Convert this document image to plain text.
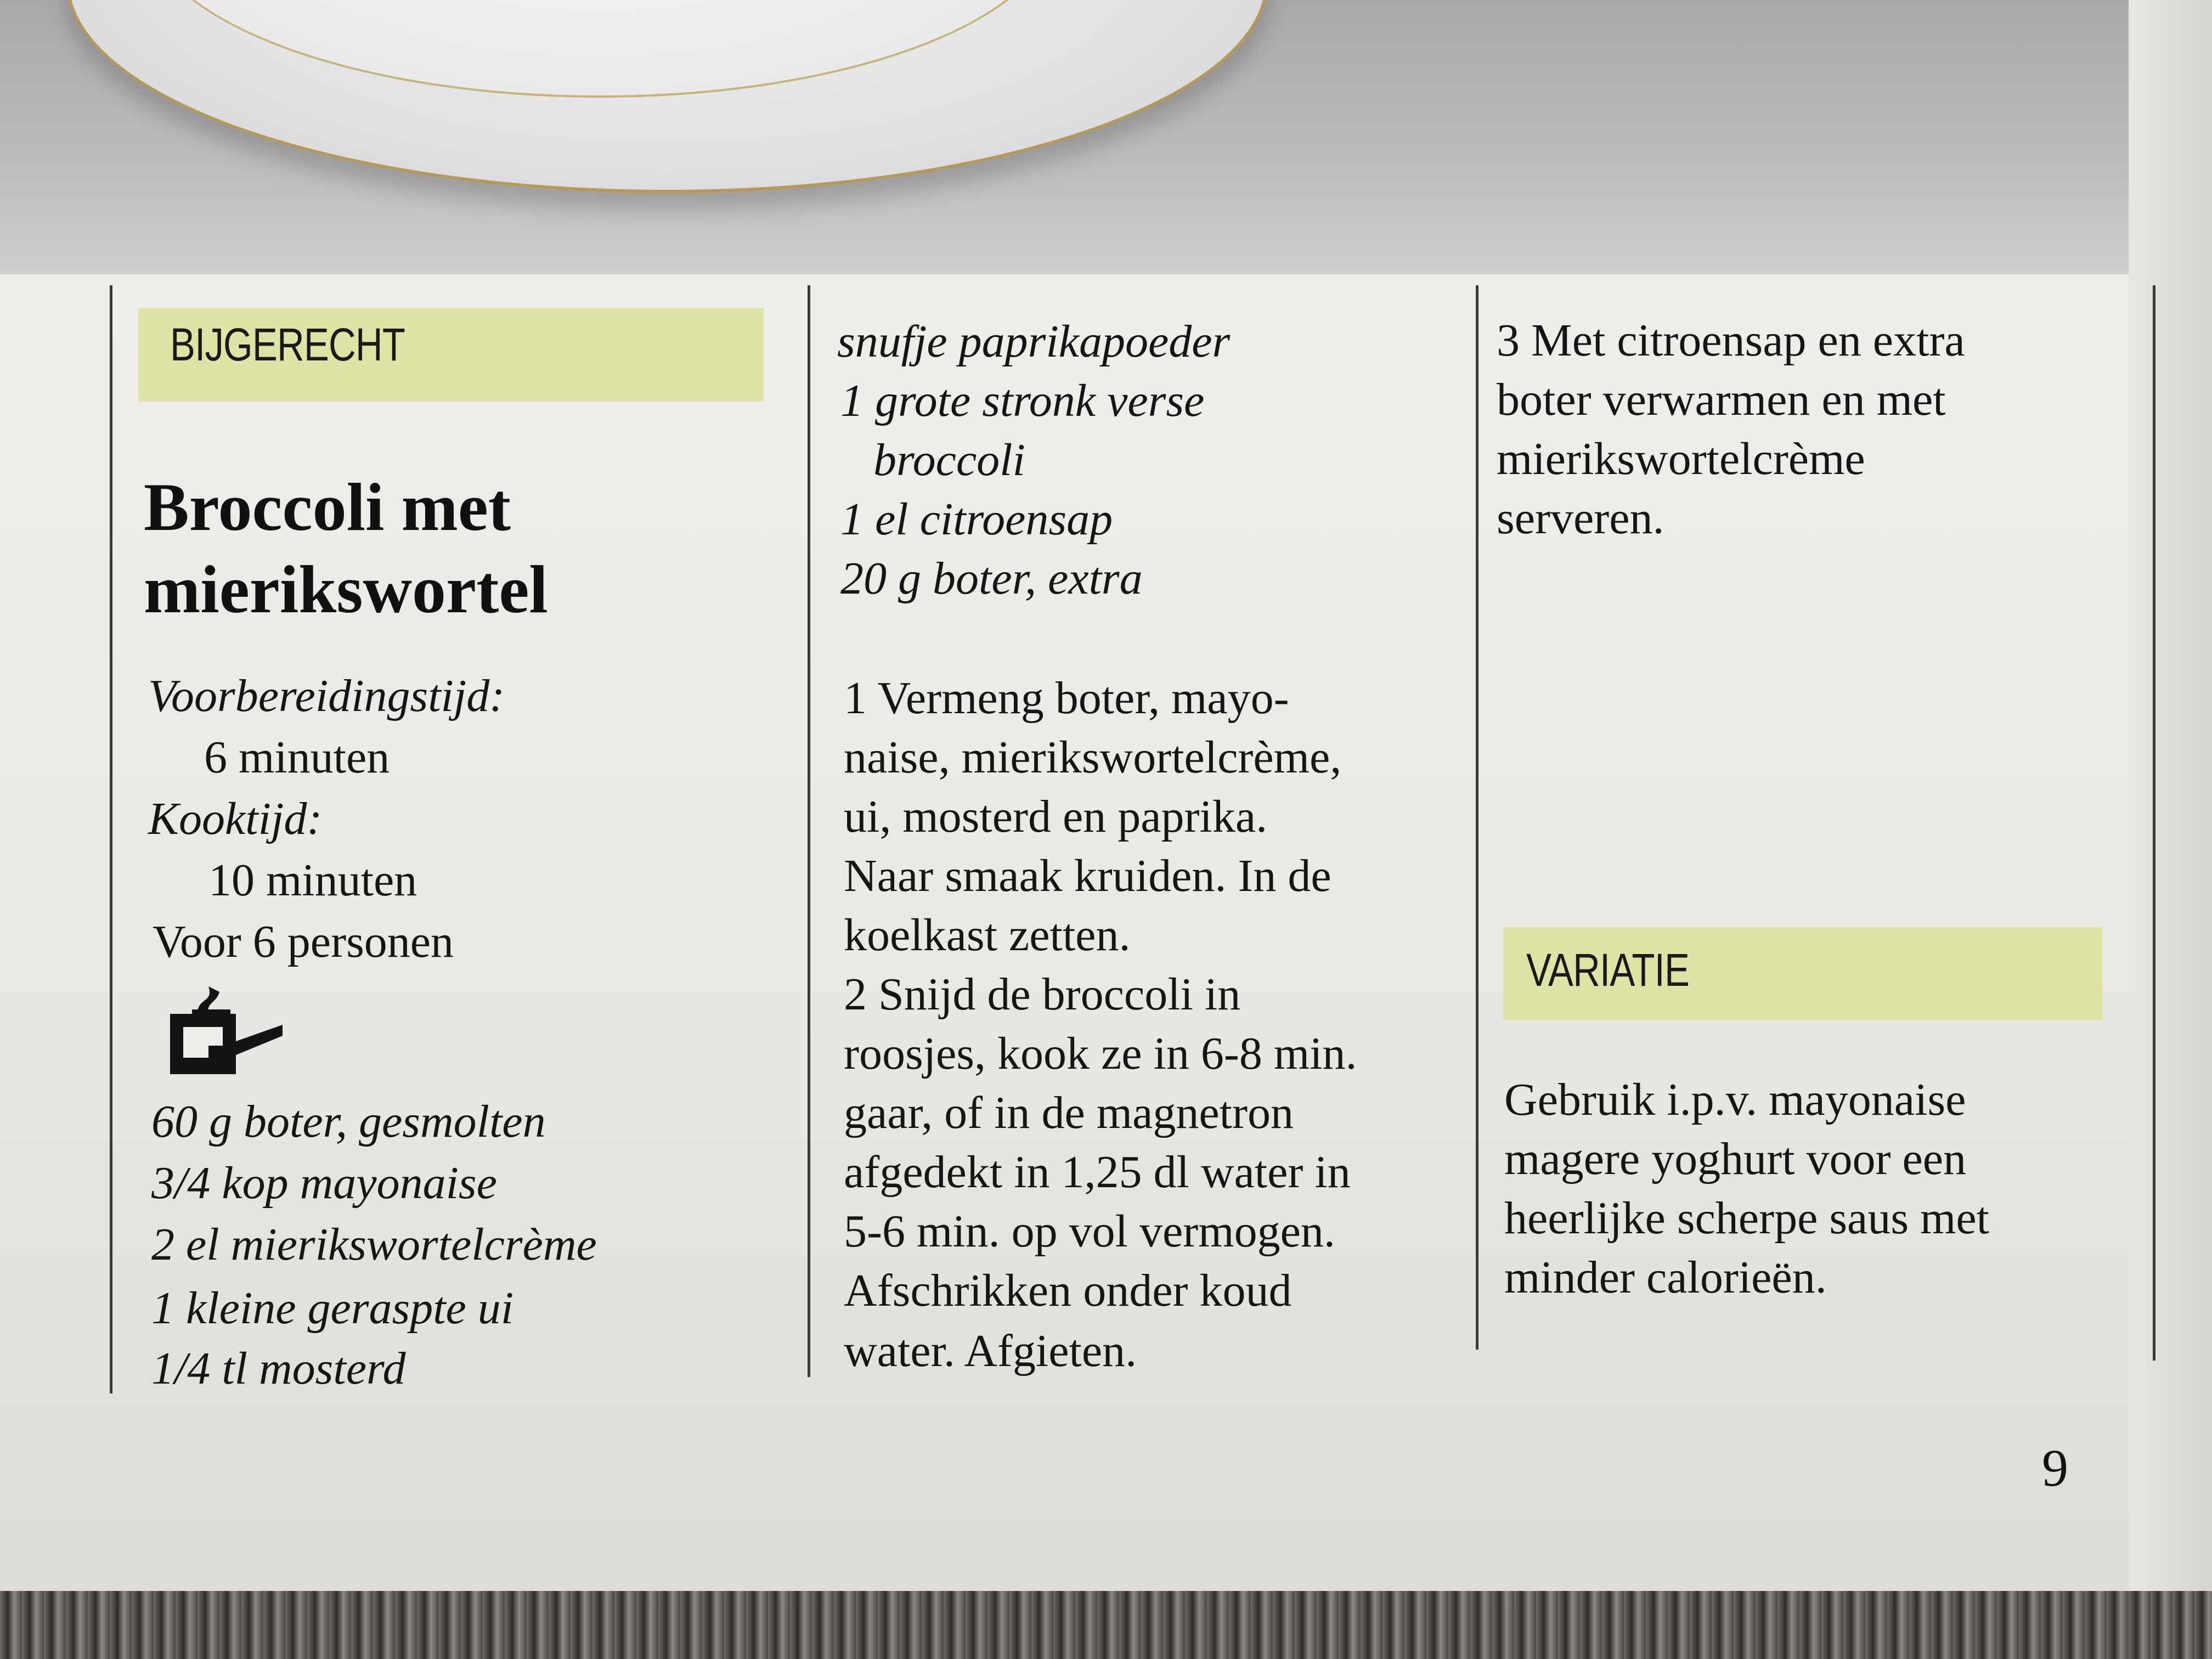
BIJGERECHT
Broccoli met
mierikswortel
Voorbereidingstijd:
6 minuten
Kooktijd:
10 minuten
Voor 6 personen
60 g boter, gesmolten
3/4 kop mayonaise
2 el mierikswortelcrème
1 kleine geraspte ui
1/4 tl mosterd
snufje paprikapoeder
1 grote stronk verse
broccoli
1 el citroensap
20 g boter, extra
1 Vermeng boter, mayo-
naise, mierikswortelcrème,
ui, mosterd en paprika.
Naar smaak kruiden. In de
koelkast zetten.
2 Snijd de broccoli in
roosjes, kook ze in 6-8 min.
gaar, of in de magnetron
afgedekt in 1,25 dl water in
5-6 min. op vol vermogen.
Afschrikken onder koud
water. Afgieten.
3 Met citroensap en extra
boter verwarmen en met
mierikswortelcrème
serveren.
VARIATIE
Gebruik i.p.v. mayonaise
magere yoghurt voor een
heerlijke scherpe saus met
minder calorieën.
9
